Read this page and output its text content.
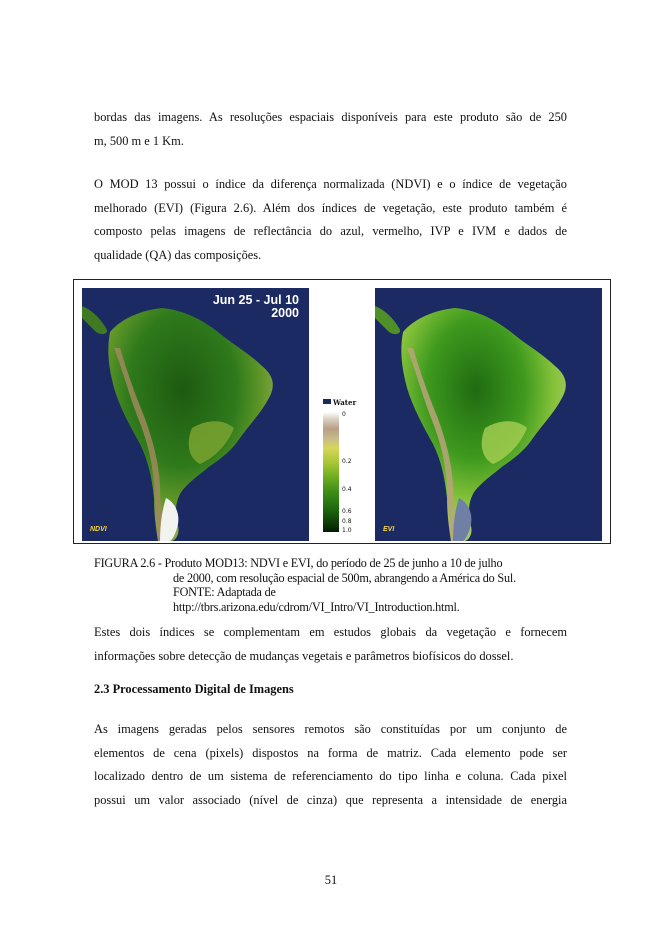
bordas das imagens. As resoluções espaciais disponíveis para este produto são de 250
m, 500 m e 1 Km.
O MOD 13 possui o índice da diferença normalizada (NDVI) e o índice de vegetação
melhorado (EVI) (Figura 2.6). Além dos índices de vegetação, este produto também é
composto pelas imagens de reflectância do azul, vermelho, IVP e IVM e dados de
qualidade (QA) das composições.
Jun 25 - Jul 10
2000
NDVI
Water
0
0.2
0.4
0.6
0.8
1.0	EVI
FIGURA 2.6 - Produto MOD13: NDVI e EVI, do período de 25 de junho a 10 de julho
de 2000, com resolução espacial de 500m, abrangendo a América do Sul.
FONTE: Adaptada de
http://tbrs.arizona.edu/cdrom/VI_Intro/VI_Introduction.html.
Estes dois índices se complementam em estudos globais da vegetação e fornecem
informações sobre detecção de mudanças vegetais e parâmetros biofísicos do dossel.
2.3 Processamento Digital de Imagens
As imagens geradas pelos sensores remotos são constituídas por um conjunto de
elementos de cena (pixels) dispostos na forma de matriz. Cada elemento pode ser
localizado dentro de um sistema de referenciamento do tipo linha e coluna. Cada pixel
possui um valor associado (nível de cinza) que representa a intensidade de energia
51
